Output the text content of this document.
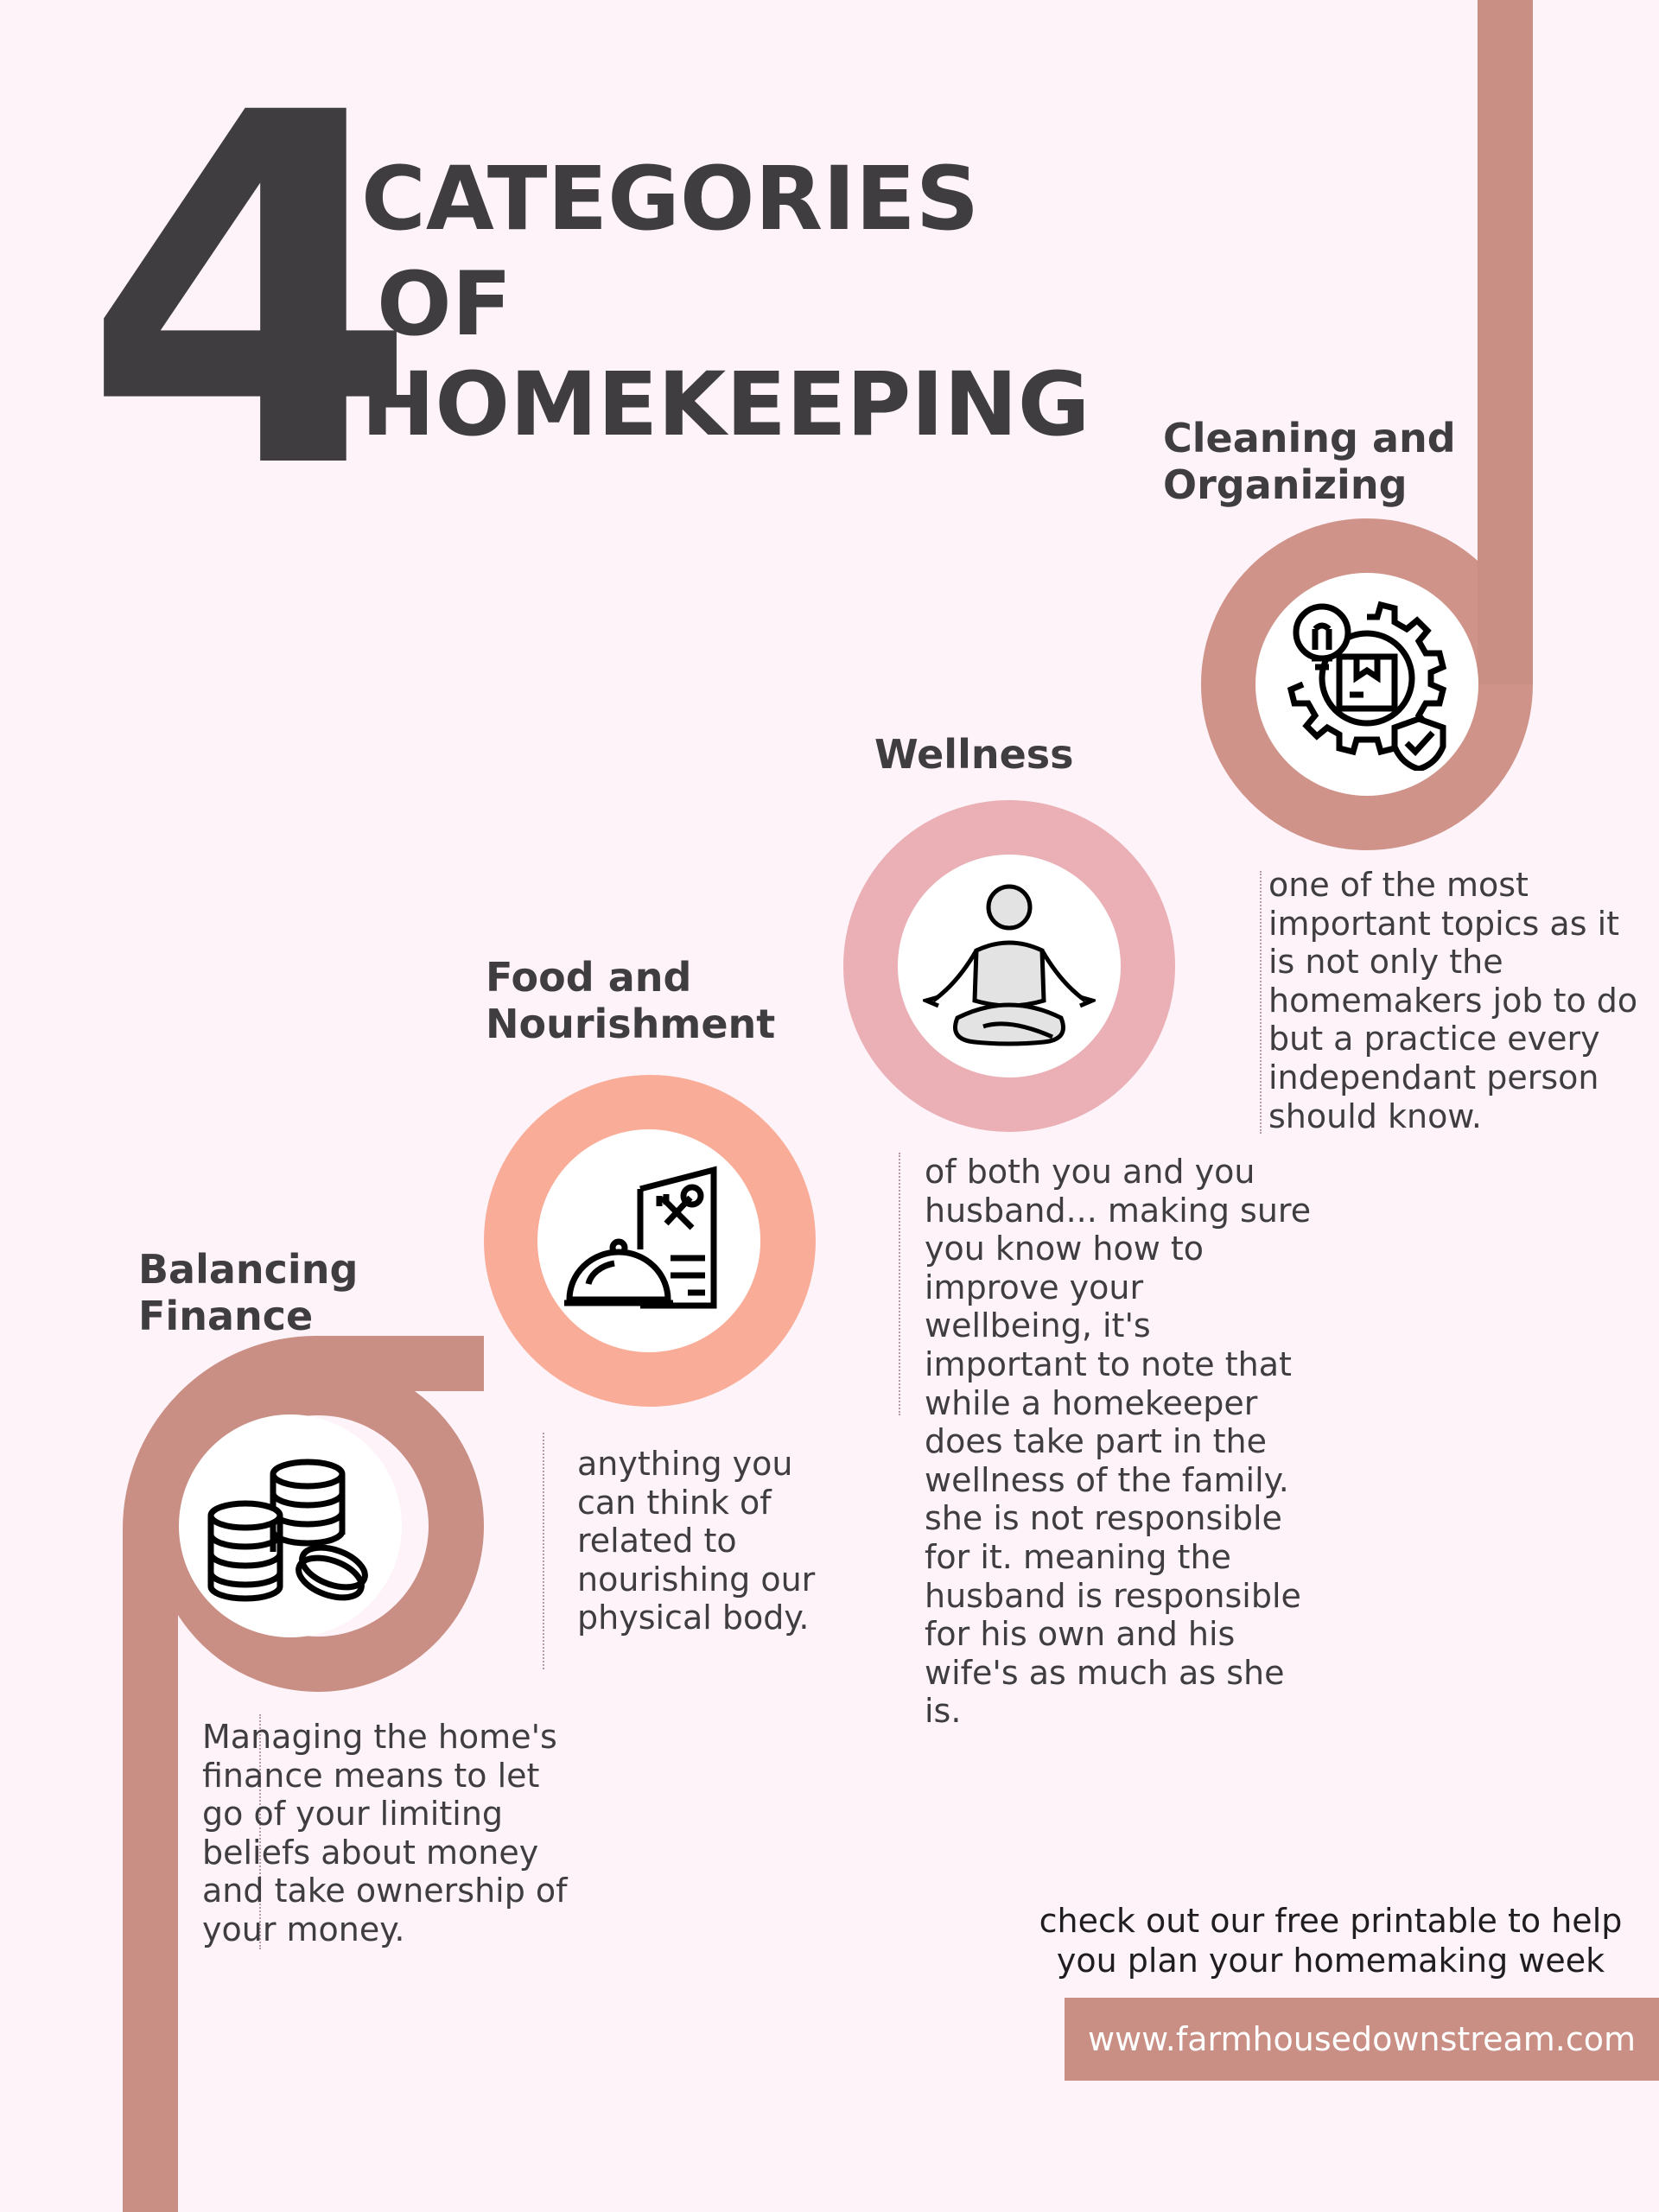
4
CATEGORIES
OF
HOMEKEEPING
Balancing
Finance
Food and
Nourishment
Wellness
Cleaning and
Organizing
Managing the home's
finance means to let
go of your limiting
beliefs about money
and take ownership of
your money.
anything you
can think of
related to
nourishing our
physical body.
of both you and you
husband... making sure
you know how to
improve your
wellbeing, it's
important to note that
while a homekeeper
does take part in the
wellness of the family.
she is not responsible
for it. meaning the
husband is responsible
for his own and his
wife's as much as she
is.
one of the most
important topics as it
is not only the
homemakers job to do
but a practice every
independant person
should know.
check out our free printable to help
you plan your homemaking week
www.farmhousedownstream.com
